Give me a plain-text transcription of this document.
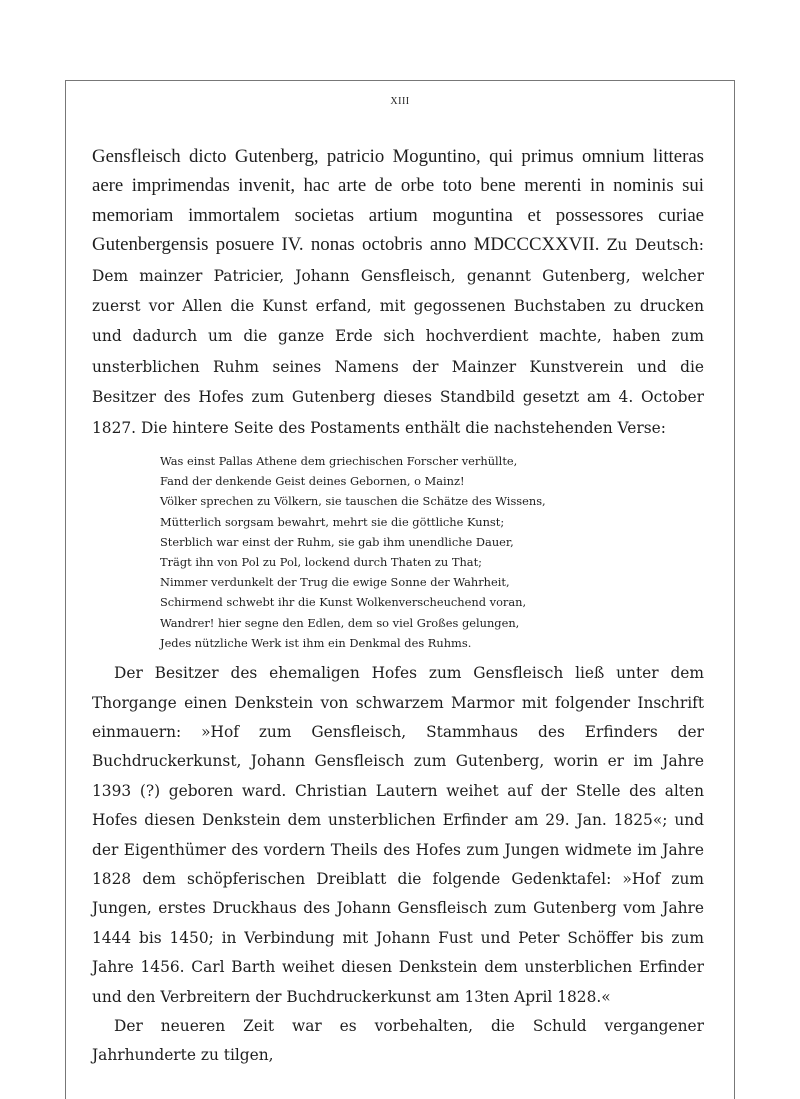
XIII

Gensfleisch dicto Gutenberg, patricio Moguntino, qui primus omnium litteras aere imprimendas invenit, hac arte de orbe toto bene merenti in nominis sui memoriam immortalem societas artium moguntina et possessores curiae Gutenbergensis posuere IV. nonas octobris anno MDCCCXXVII. Zu Deutsch: Dem mainzer Patricier, Johann Gensfleisch, genannt Gutenberg, welcher zuerst vor Allen die Kunst erfand, mit gegossenen Buchstaben zu drucken und dadurch um die ganze Erde sich hochverdient machte, haben zum unsterblichen Ruhm seines Namens der Mainzer Kunstverein und die Besitzer des Hofes zum Gutenberg dieses Standbild gesetzt am 4. October 1827. Die hintere Seite des Postaments enthält die nachstehenden Verse:

Was einst Pallas Athene dem griechischen Forscher verhüllte,
Fand der denkende Geist deines Gebornen, o Mainz!
Völker sprechen zu Völkern, sie tauschen die Schätze des Wissens,
Mütterlich sorgsam bewahrt, mehrt sie die göttliche Kunst;
Sterblich war einst der Ruhm, sie gab ihm unendliche Dauer,
Trägt ihn von Pol zu Pol, lockend durch Thaten zu That;
Nimmer verdunkelt der Trug die ewige Sonne der Wahrheit,
Schirmend schwebt ihr die Kunst Wolkenverscheuchend voran,
Wandrer! hier segne den Edlen, dem so viel Großes gelungen,
Jedes nützliche Werk ist ihm ein Denkmal des Ruhms.

Der Besitzer des ehemaligen Hofes zum Gensfleisch ließ unter dem Thorgange einen Denkstein von schwarzem Marmor mit folgender Inschrift einmauern: »Hof zum Gensfleisch, Stammhaus des Erfinders der Buchdruckerkunst, Johann Gensfleisch zum Gutenberg, worin er im Jahre 1393 (?) geboren ward. Christian Lautern weihet auf der Stelle des alten Hofes diesen Denkstein dem unsterblichen Erfinder am 29. Jan. 1825«; und der Eigenthümer des vordern Theils des Hofes zum Jungen widmete im Jahre 1828 dem schöpferischen Dreiblatt die folgende Gedenktafel: »Hof zum Jungen, erstes Druckhaus des Johann Gensfleisch zum Gutenberg vom Jahre 1444 bis 1450; in Verbindung mit Johann Fust und Peter Schöffer bis zum Jahre 1456. Carl Barth weihet diesen Denkstein dem unsterblichen Erfinder und den Verbreitern der Buchdruckerkunst am 13ten April 1828.«

Der neueren Zeit war es vorbehalten, die Schuld vergangener Jahrhunderte zu tilgen,
